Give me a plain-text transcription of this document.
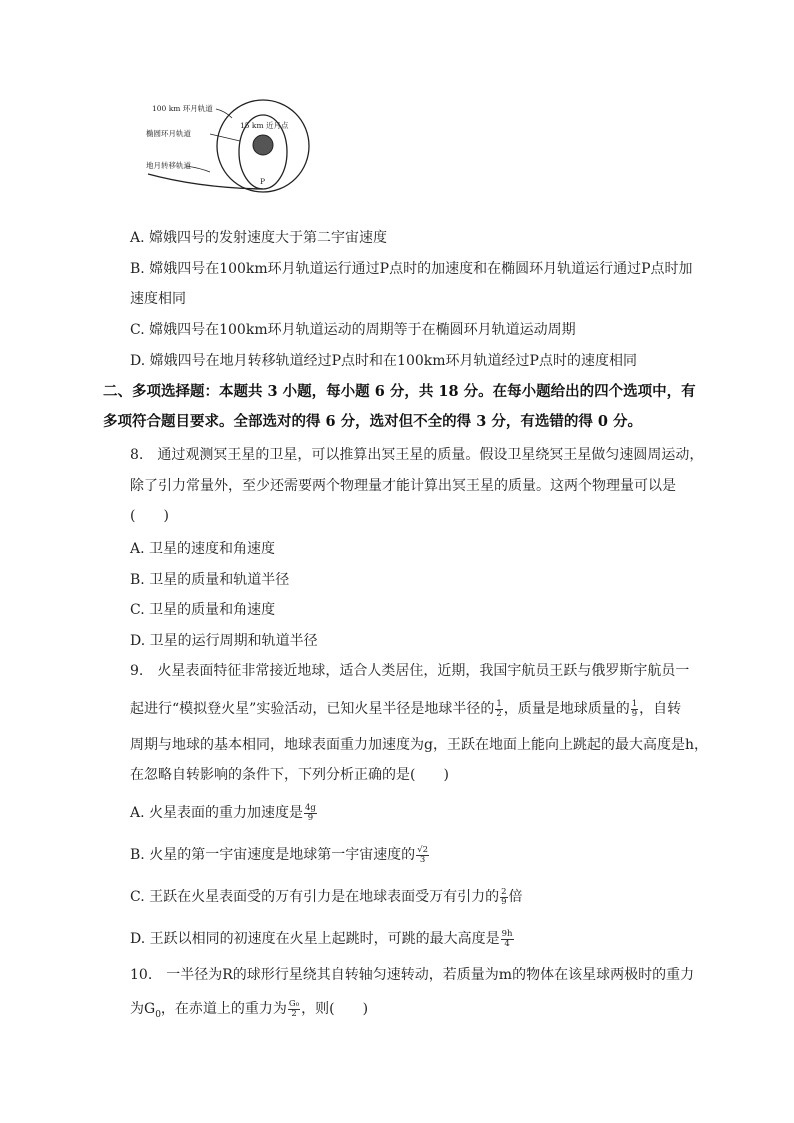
100 km 环月轨道
15 km 近月点
椭圆环月轨道
地月转移轨道
P
A. 嫦娥四号的发射速度大于第二宇宙速度
B. 嫦娥四号在100km环月轨道运行通过P点时的加速度和在椭圆环月轨道运行通过P点时加
速度相同
C. 嫦娥四号在100km环月轨道运动的周期等于在椭圆环月轨道运动周期
D. 嫦娥四号在地月转移轨道经过P点时和在100km环月轨道经过P点时的速度相同
二、多项选择题：本题共 3 小题，每小题 6 分，共 18 分。在每小题给出的四个选项中，有
多项符合题目要求。全部选对的得 6 分，选对但不全的得 3 分，有选错的得 0 分。
8.　通过观测冥王星的卫星，可以推算出冥王星的质量。假设卫星绕冥王星做匀速圆周运动，
除了引力常量外，至少还需要两个物理量才能计算出冥王星的质量。这两个物理量可以是
(　　)
A. 卫星的速度和角速度
B. 卫星的质量和轨道半径
C. 卫星的质量和角速度
D. 卫星的运行周期和轨道半径
9.　火星表面特征非常接近地球，适合人类居住，近期，我国宇航员王跃与俄罗斯宇航员一
起进行“模拟登火星”实验活动，已知火星半径是地球半径的 $\frac{1}{2}$ ，质量是地球质量的 $\frac{1}{9}$ ，自转
周期与地球的基本相同，地球表面重力加速度为g，王跃在地面上能向上跳起的最大高度是h，
在忽略自转影响的条件下，下列分析正确的是(　　)
A. 火星表面的重力加速度是 $\frac{4g}{9}$
B. 火星的第一宇宙速度是地球第一宇宙速度的 $\frac{√2}{3}$
C. 王跃在火星表面受的万有引力是在地球表面受万有引力的 $\frac{2}{9}$ 倍
D. 王跃以相同的初速度在火星上起跳时，可跳的最大高度是 $\frac{9h}{4}$
10.　一半径为R的球形行星绕其自转轴匀速转动，若质量为m的物体在该星球两极时的重力
为$G_0$，在赤道上的重力为 $\frac{\text{G₀}}{2}$ ，则(　　)
